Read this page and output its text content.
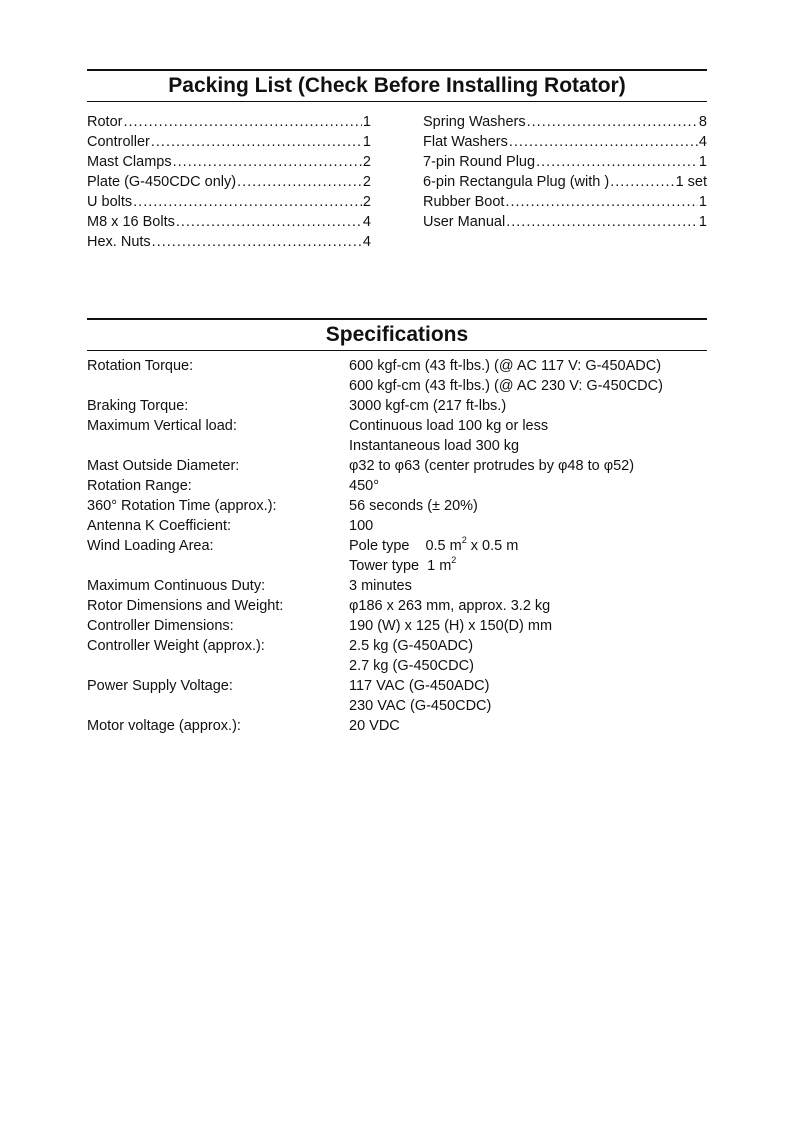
Packing List (Check Before Installing Rotator)
Rotor .....	1
Controller .....	1
Mast Clamps .....	2
Plate (G-450CDC only) .....	2
U bolts .....	2
M8 x 16 Bolts .....	4
Hex. Nuts .....	4
Spring Washers .....	8
Flat Washers .....	4
7-pin Round Plug .....	1
6-pin Rectangula Plug (with ) .....	1 set
Rubber Boot .....	1
User Manual .....	1
Specifications
Rotation Torque:	600 kgf-cm (43 ft-lbs.) (@ AC 117 V: G-450ADC)
600 kgf-cm (43 ft-lbs.) (@ AC 230 V: G-450CDC)
Braking Torque:	3000 kgf-cm (217 ft-lbs.)
Maximum Vertical load:	Continuous load 100 kg or less
Instantaneous load 300 kg
Mast Outside Diameter:	φ32 to φ63 (center protrudes by φ48 to φ52)
Rotation Range:	450°
360° Rotation Time (approx.):	56 seconds (± 20%)
Antenna K Coefficient:	100
Wind Loading Area:	Pole type 0.5 $m^2$ x 0.5 m
Tower type 1 $m^2$
Maximum Continuous Duty:	3 minutes
Rotor Dimensions and Weight:	φ186 x 263 mm, approx. 3.2 kg
Controller Dimensions:	190 (W) x 125 (H) x 150(D) mm
Controller Weight (approx.):	2.5 kg (G-450ADC)
2.7 kg (G-450CDC)
Power Supply Voltage:	117 VAC (G-450ADC)
230 VAC (G-450CDC)
Motor voltage (approx.):	20 VDC
